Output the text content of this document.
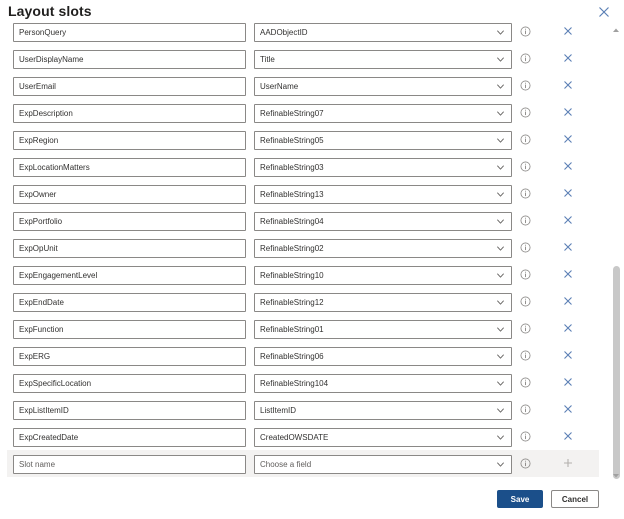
Layout slots
PersonQuery	AADObjectID
UserDisplayName	Title
UserEmail	UserName
ExpDescription	RefinableString07
ExpRegion	RefinableString05
ExpLocationMatters	RefinableString03
ExpOwner	RefinableString13
ExpPortfolio	RefinableString04
ExpOpUnit	RefinableString02
ExpEngagementLevel	RefinableString10
ExpEndDate	RefinableString12
ExpFunction	RefinableString01
ExpERG	RefinableString06
ExpSpecificLocation	RefinableString104
ExpListItemID	ListItemID
ExpCreatedDate	CreatedOWSDATE
Slot name	Choose a field
Save	Cancel
